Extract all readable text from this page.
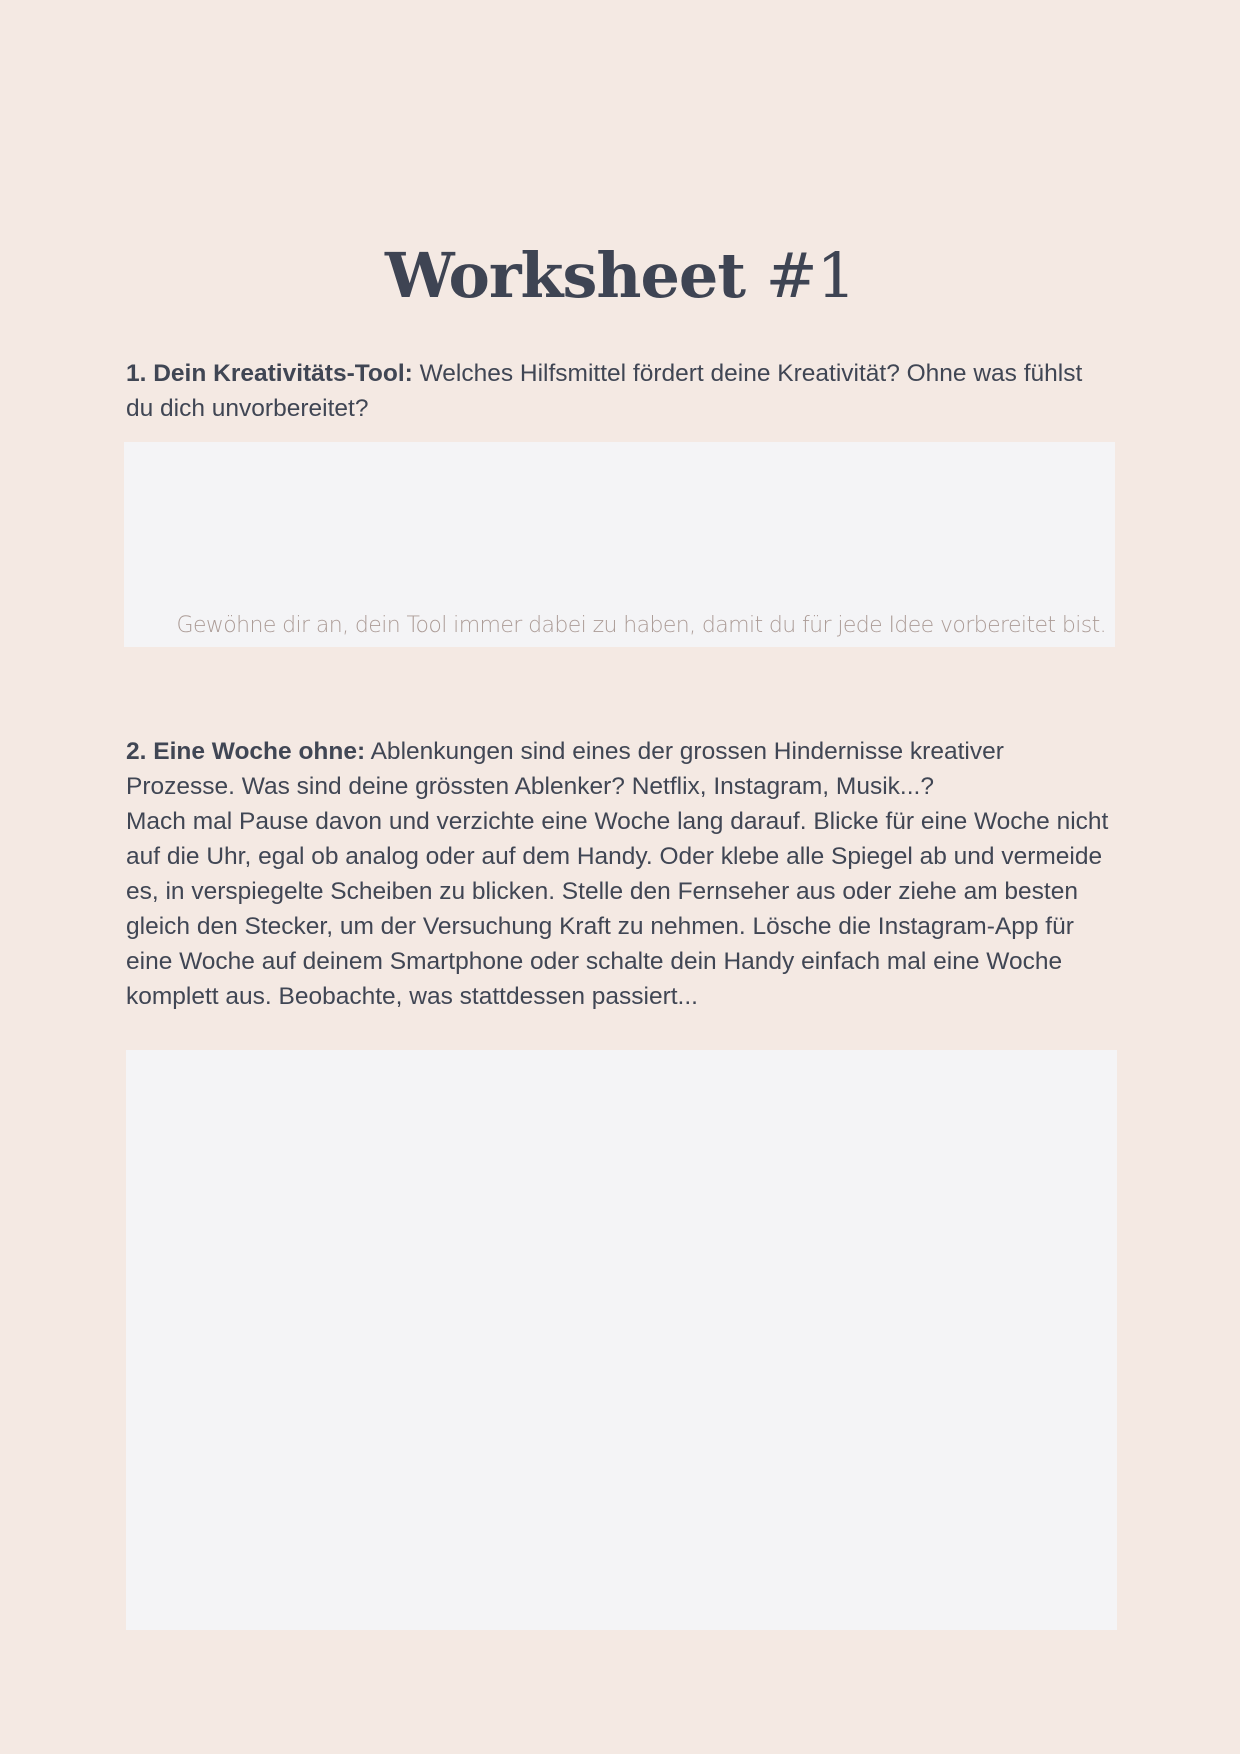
Worksheet #1
1. Dein Kreativitäts-Tool: Welches Hilfsmittel fördert deine Kreativität? Ohne was fühlst du dich unvorbereitet?
Gewöhne dir an, dein Tool immer dabei zu haben, damit du für jede Idee vorbereitet bist.
2. Eine Woche ohne: Ablenkungen sind eines der grossen Hindernisse kreativer Prozesse. Was sind deine grössten Ablenker? Netflix, Instagram, Musik...?
Mach mal Pause davon und verzichte eine Woche lang darauf. Blicke für eine Woche nicht auf die Uhr, egal ob analog oder auf dem Handy. Oder klebe alle Spiegel ab und vermeide es, in verspiegelte Scheiben zu blicken. Stelle den Fernseher aus oder ziehe am besten gleich den Stecker, um der Versuchung Kraft zu nehmen. Lösche die Instagram-App für eine Woche auf deinem Smartphone oder schalte dein Handy einfach mal eine Woche komplett aus. Beobachte, was stattdessen passiert...
